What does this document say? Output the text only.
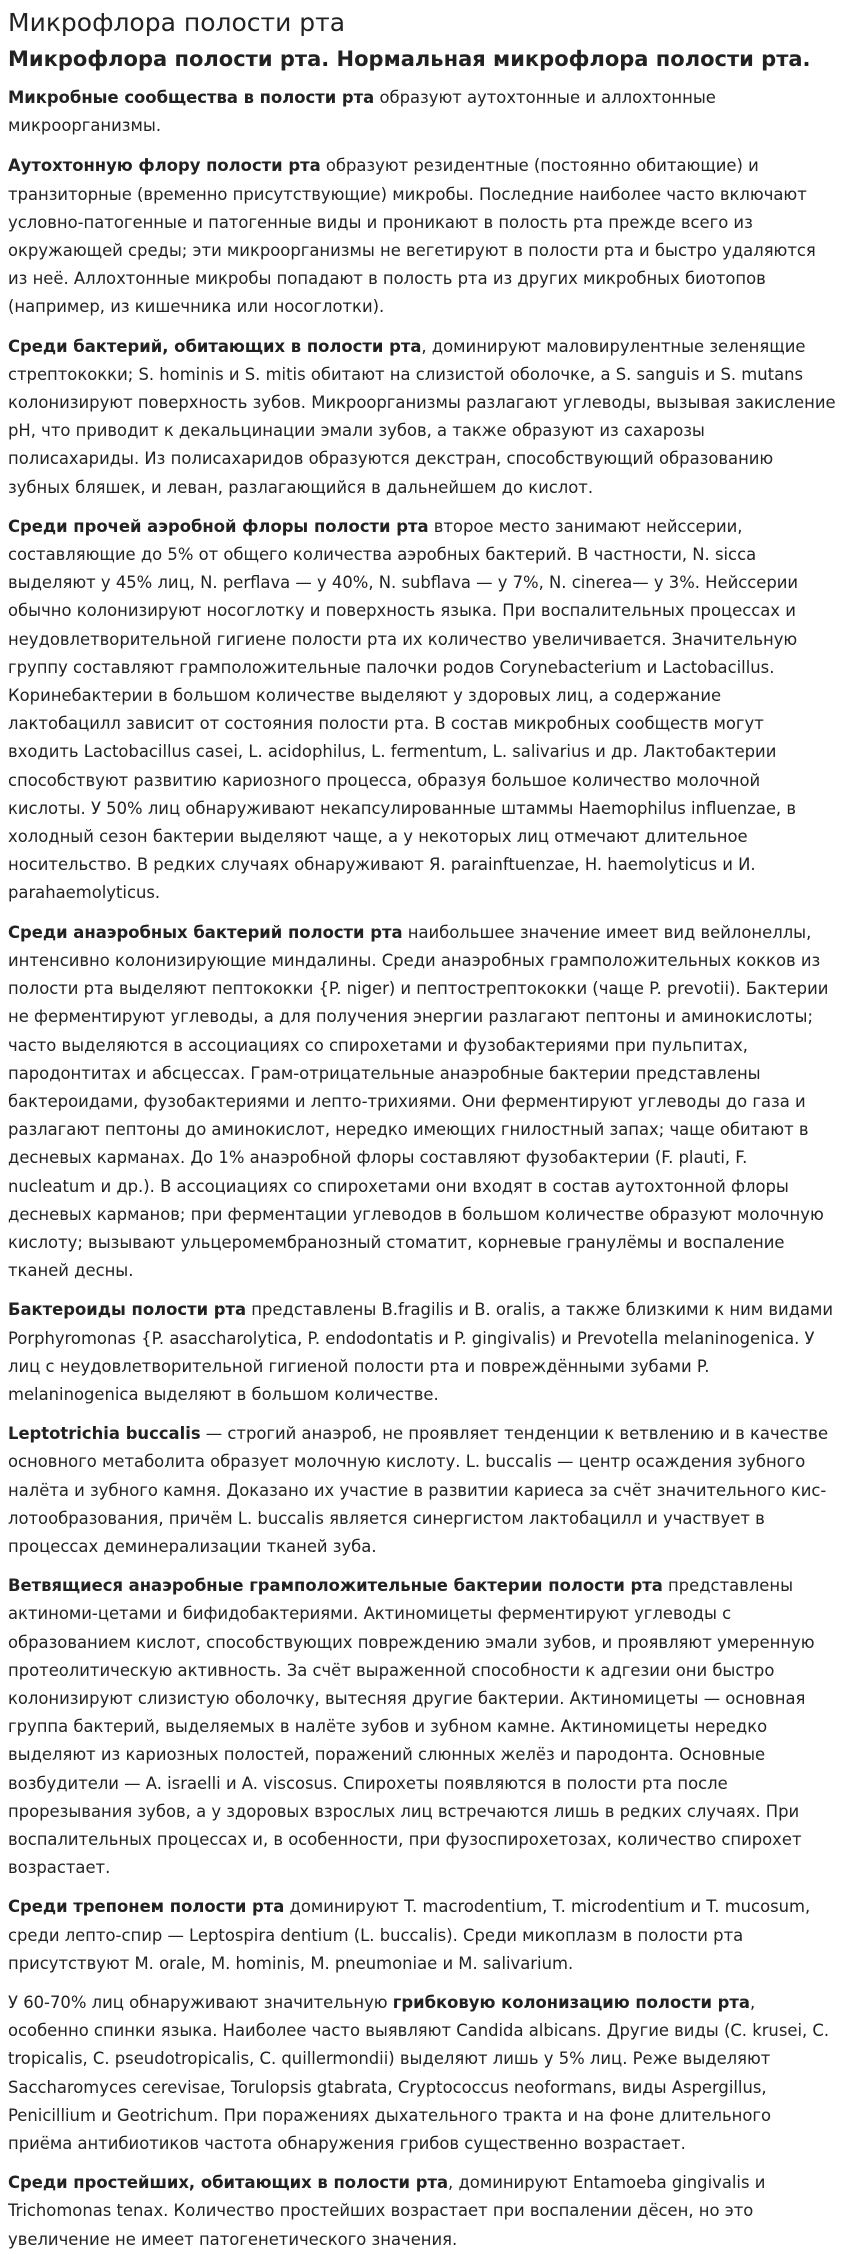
Микрофлора полости рта
Микрофлора полости рта. Нормальная микрофлора полости рта.

Микробные сообщества в полости рта образуют аутохтонные и аллохтонные микроорганизмы.

Аутохтонную флору полости рта образуют резидентные (постоянно обитающие) и транзиторные (временно присутствующие) микробы. Последние наиболее часто включают условно-патогенные и патогенные виды и проникают в полость рта прежде всего из окружающей среды; эти микроорганизмы не вегетируют в полости рта и быстро удаляются из неё. Аллохтонные микробы попадают в полость рта из других микробных биотопов (например, из кишечника или носоглотки).

Среди бактерий, обитающих в полости рта, доминируют маловирулентные зеленящие стрептококки; S. hominis и S. mitis обитают на слизистой оболочке, a S. sanguis и S. mutans колонизируют поверхность зубов. Микроорганизмы разлагают углеводы, вызывая закисление рН, что приводит к декальцинации эмали зубов, а также образуют из сахарозы полисахариды. Из полисахаридов образуются декстран, способствующий образованию зубных бляшек, и леван, разлагающийся в дальнейшем до кислот.

Среди прочей аэробной флоры полости рта второе место занимают нейссерии, составляющие до 5% от общего количества аэробных бактерий. В частности, N. sicca выделяют у 45% лиц, N. perflava — у 40%, N. subflava — у 7%, N. cinerea— у 3%. Нейссерии обычно колонизируют носоглотку и поверхность языка. При воспалительных процессах и неудовлетворительной гигиене полости рта их количество увеличивается. Значительную группу составляют грамположительные палочки родов Corynebacterium и Lactobacillus. Коринебактерии в большом количестве выделяют у здоровых лиц, а содержание лактобацилл зависит от состояния полости рта. В состав микробных сообществ могут входить Lactobacillus casei, L. acidophilus, L. fermentum, L. salivarius и др. Лактобактерии способствуют развитию кариозного процесса, образуя большое количество молочной кислоты. У 50% лиц обнаруживают некапсулированные штаммы Haemophilus influenzae, в холодный сезон бактерии выделяют чаще, а у некоторых лиц отмечают длительное носительство. В редких случаях обнаруживают Я. parainftuenzae, H. haemolyticus и И. parahaemolyticus.

Среди анаэробных бактерий полости рта наибольшее значение имеет вид вейлонеллы, интенсивно колонизирующие миндалины. Среди анаэробных грамположительных кокков из полости рта выделяют пептококки {P. niger) и пептострептококки (чаще P. prevotii). Бактерии не ферментируют углеводы, а для получения энергии разлагают пептоны и аминокислоты; часто выделяются в ассоциациях со спирохетами и фузобактериями при пульпитах, пародонтитах и абсцессах. Грам-отрицательные анаэробные бактерии представлены бактероидами, фузобактериями и лепто-трихиями. Они ферментируют углеводы до газа и разлагают пептоны до аминокислот, нередко имеющих гнилостный запах; чаще обитают в десневых карманах. До 1% анаэробной флоры составляют фузобактерии (F. plauti, F. nucleatum и др.). В ассоциациях со спирохетами они входят в состав аутохтонной флоры десневых карманов; при ферментации углеводов в большом количестве образуют молочную кислоту; вызывают ульцеромембранозный стоматит, корневые гранулёмы и воспаление тканей десны.

Бактероиды полости рта представлены B.fragilis и В. oralis, а также близкими к ним видами Porphyromonas {P. asaccharolytica, P. endodontatis и P. gingivalis) и Prevotella melaninogenica. У лиц с неудовлетворительной гигиеной полости рта и повреждёнными зубами P. melaninogenica выделяют в большом количестве.

Leptotrichia buccalis — строгий анаэроб, не проявляет тенденции к ветвлению и в качестве основного метаболита образует молочную кислоту. L. buccalis — центр осаждения зубного налёта и зубного камня. Доказано их участие в развитии кариеса за счёт значительного кис-лотообразования, причём L. buccalis является синергистом лактобацилл и участвует в процессах деминерализации тканей зуба.

Ветвящиеся анаэробные грамположительные бактерии полости рта представлены актиноми-цетами и бифидобактериями. Актиномицеты ферментируют углеводы с образованием кислот, способствующих повреждению эмали зубов, и проявляют умеренную протеолитическую активность. За счёт выраженной способности к адгезии они быстро колонизируют слизистую оболочку, вытесняя другие бактерии. Актиномицеты — основная группа бактерий, выделяемых в налёте зубов и зубном камне. Актиномицеты нередко выделяют из кариозных полостей, поражений слюнных желёз и пародонта. Основные возбудители — A. israelli и A. viscosus. Спирохеты появляются в полости рта после прорезывания зубов, а у здоровых взрослых лиц встречаются лишь в редких случаях. При воспалительных процессах и, в особенности, при фузоспирохетозах, количество спирохет возрастает.

Среди трепонем полости рта доминируют T. macrodentium, T. microdentium и T. mucosum, среди лепто-спир — Leptospira dentium (L. buccalis). Среди микоплазм в полости рта присутствуют M. orale, M. hominis, M. pneumoniae и M. salivarium.

У 60-70% лиц обнаруживают значительную грибковую колонизацию полости рта, особенно спинки языка. Наиболее часто выявляют Candida albicans. Другие виды (C. krusei, C. tropicalis, C. pseudotropicalis, C. quillermondii) выделяют лишь у 5% лиц. Реже выделяют Saccharomyces cerevisae, Torulopsis gtabrata, Cryptococcus neoformans, виды Aspergillus, Penicillium и Geotrichum. При поражениях дыхательного тракта и на фоне длительного приёма антибиотиков частота обнаружения грибов существенно возрастает.

Среди простейших, обитающих в полости рта, доминируют Entamoeba gingivalis и Trichomonas tenax. Количество простейших возрастает при воспалении дёсен, но это увеличение не имеет патогенетического значения.
